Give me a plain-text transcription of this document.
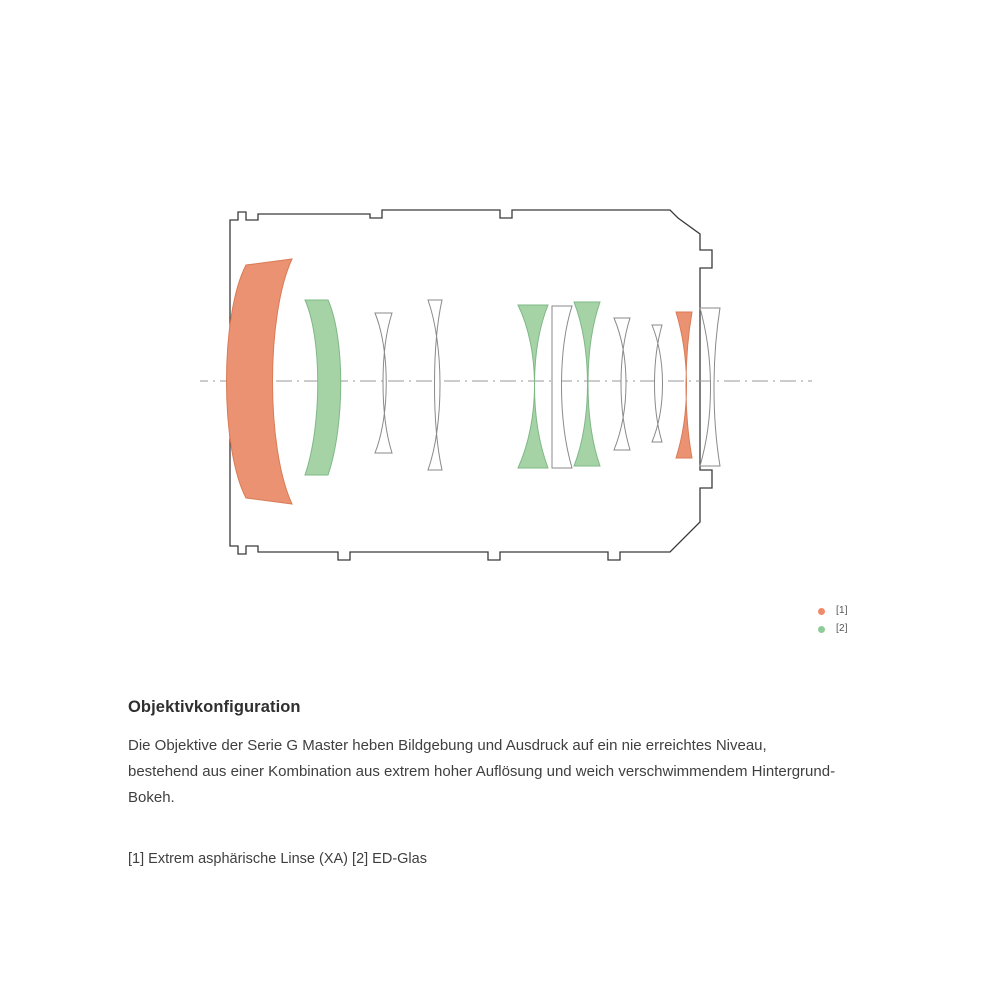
[1]
[2]
Objektivkonfiguration

Die Objektive der Serie G Master heben Bildgebung und Ausdruck auf ein nie erreichtes Niveau, bestehend aus einer Kombination aus extrem hoher Auflösung und weich verschwimmendem Hintergrund-Bokeh.

[1] Extrem asphärische Linse (XA) [2] ED-Glas
